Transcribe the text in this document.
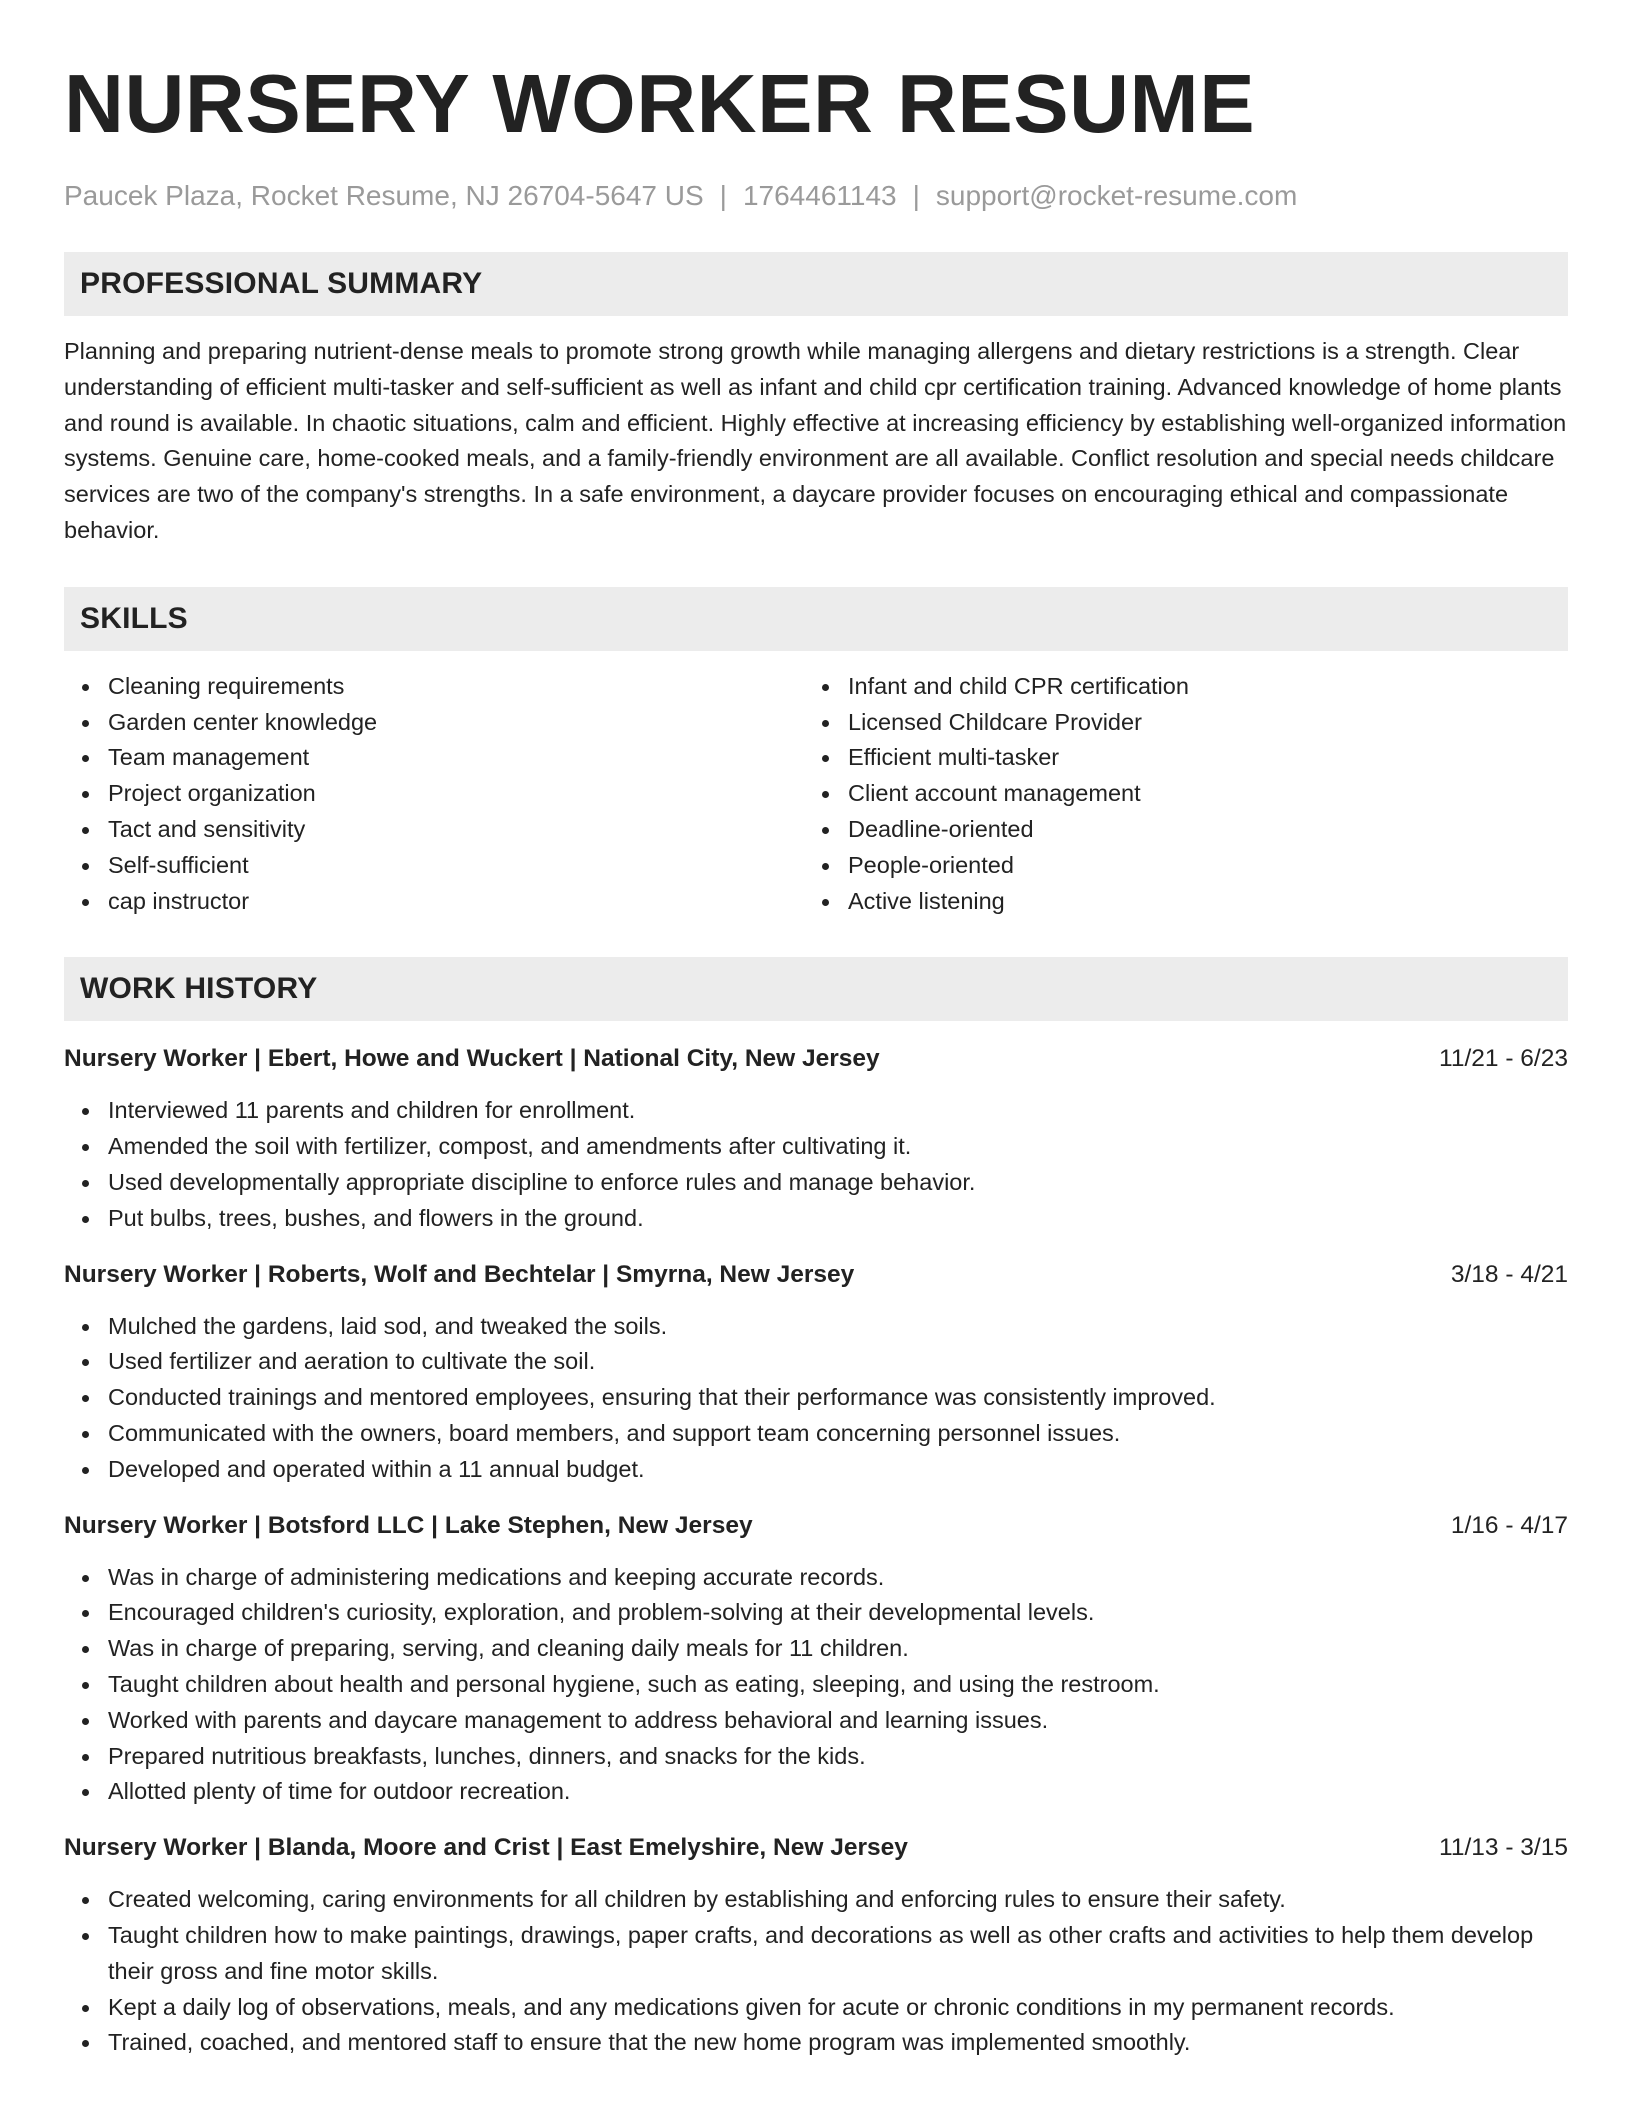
NURSERY WORKER RESUME
Paucek Plaza, Rocket Resume, NJ 26704-5647 US | 1764461143 | support@rocket-resume.com
PROFESSIONAL SUMMARY
Planning and preparing nutrient-dense meals to promote strong growth while managing allergens and dietary restrictions is a strength. Clear understanding of efficient multi-tasker and self-sufficient as well as infant and child cpr certification training. Advanced knowledge of home plants and round is available. In chaotic situations, calm and efficient. Highly effective at increasing efficiency by establishing well-organized information systems. Genuine care, home-cooked meals, and a family-friendly environment are all available. Conflict resolution and special needs childcare services are two of the company's strengths. In a safe environment, a daycare provider focuses on encouraging ethical and compassionate behavior.
SKILLS
Cleaning requirements
Garden center knowledge
Team management
Project organization
Tact and sensitivity
Self-sufficient
cap instructor
Infant and child CPR certification
Licensed Childcare Provider
Efficient multi-tasker
Client account management
Deadline-oriented
People-oriented
Active listening
WORK HISTORY
Nursery Worker | Ebert, Howe and Wuckert | National City, New Jersey	11/21 - 6/23
Interviewed 11 parents and children for enrollment.
Amended the soil with fertilizer, compost, and amendments after cultivating it.
Used developmentally appropriate discipline to enforce rules and manage behavior.
Put bulbs, trees, bushes, and flowers in the ground.
Nursery Worker | Roberts, Wolf and Bechtelar | Smyrna, New Jersey	3/18 - 4/21
Mulched the gardens, laid sod, and tweaked the soils.
Used fertilizer and aeration to cultivate the soil.
Conducted trainings and mentored employees, ensuring that their performance was consistently improved.
Communicated with the owners, board members, and support team concerning personnel issues.
Developed and operated within a 11 annual budget.
Nursery Worker | Botsford LLC | Lake Stephen, New Jersey	1/16 - 4/17
Was in charge of administering medications and keeping accurate records.
Encouraged children's curiosity, exploration, and problem-solving at their developmental levels.
Was in charge of preparing, serving, and cleaning daily meals for 11 children.
Taught children about health and personal hygiene, such as eating, sleeping, and using the restroom.
Worked with parents and daycare management to address behavioral and learning issues.
Prepared nutritious breakfasts, lunches, dinners, and snacks for the kids.
Allotted plenty of time for outdoor recreation.
Nursery Worker | Blanda, Moore and Crist | East Emelyshire, New Jersey	11/13 - 3/15
Created welcoming, caring environments for all children by establishing and enforcing rules to ensure their safety.
Taught children how to make paintings, drawings, paper crafts, and decorations as well as other crafts and activities to help them develop their gross and fine motor skills.
Kept a daily log of observations, meals, and any medications given for acute or chronic conditions in my permanent records.
Trained, coached, and mentored staff to ensure that the new home program was implemented smoothly.
